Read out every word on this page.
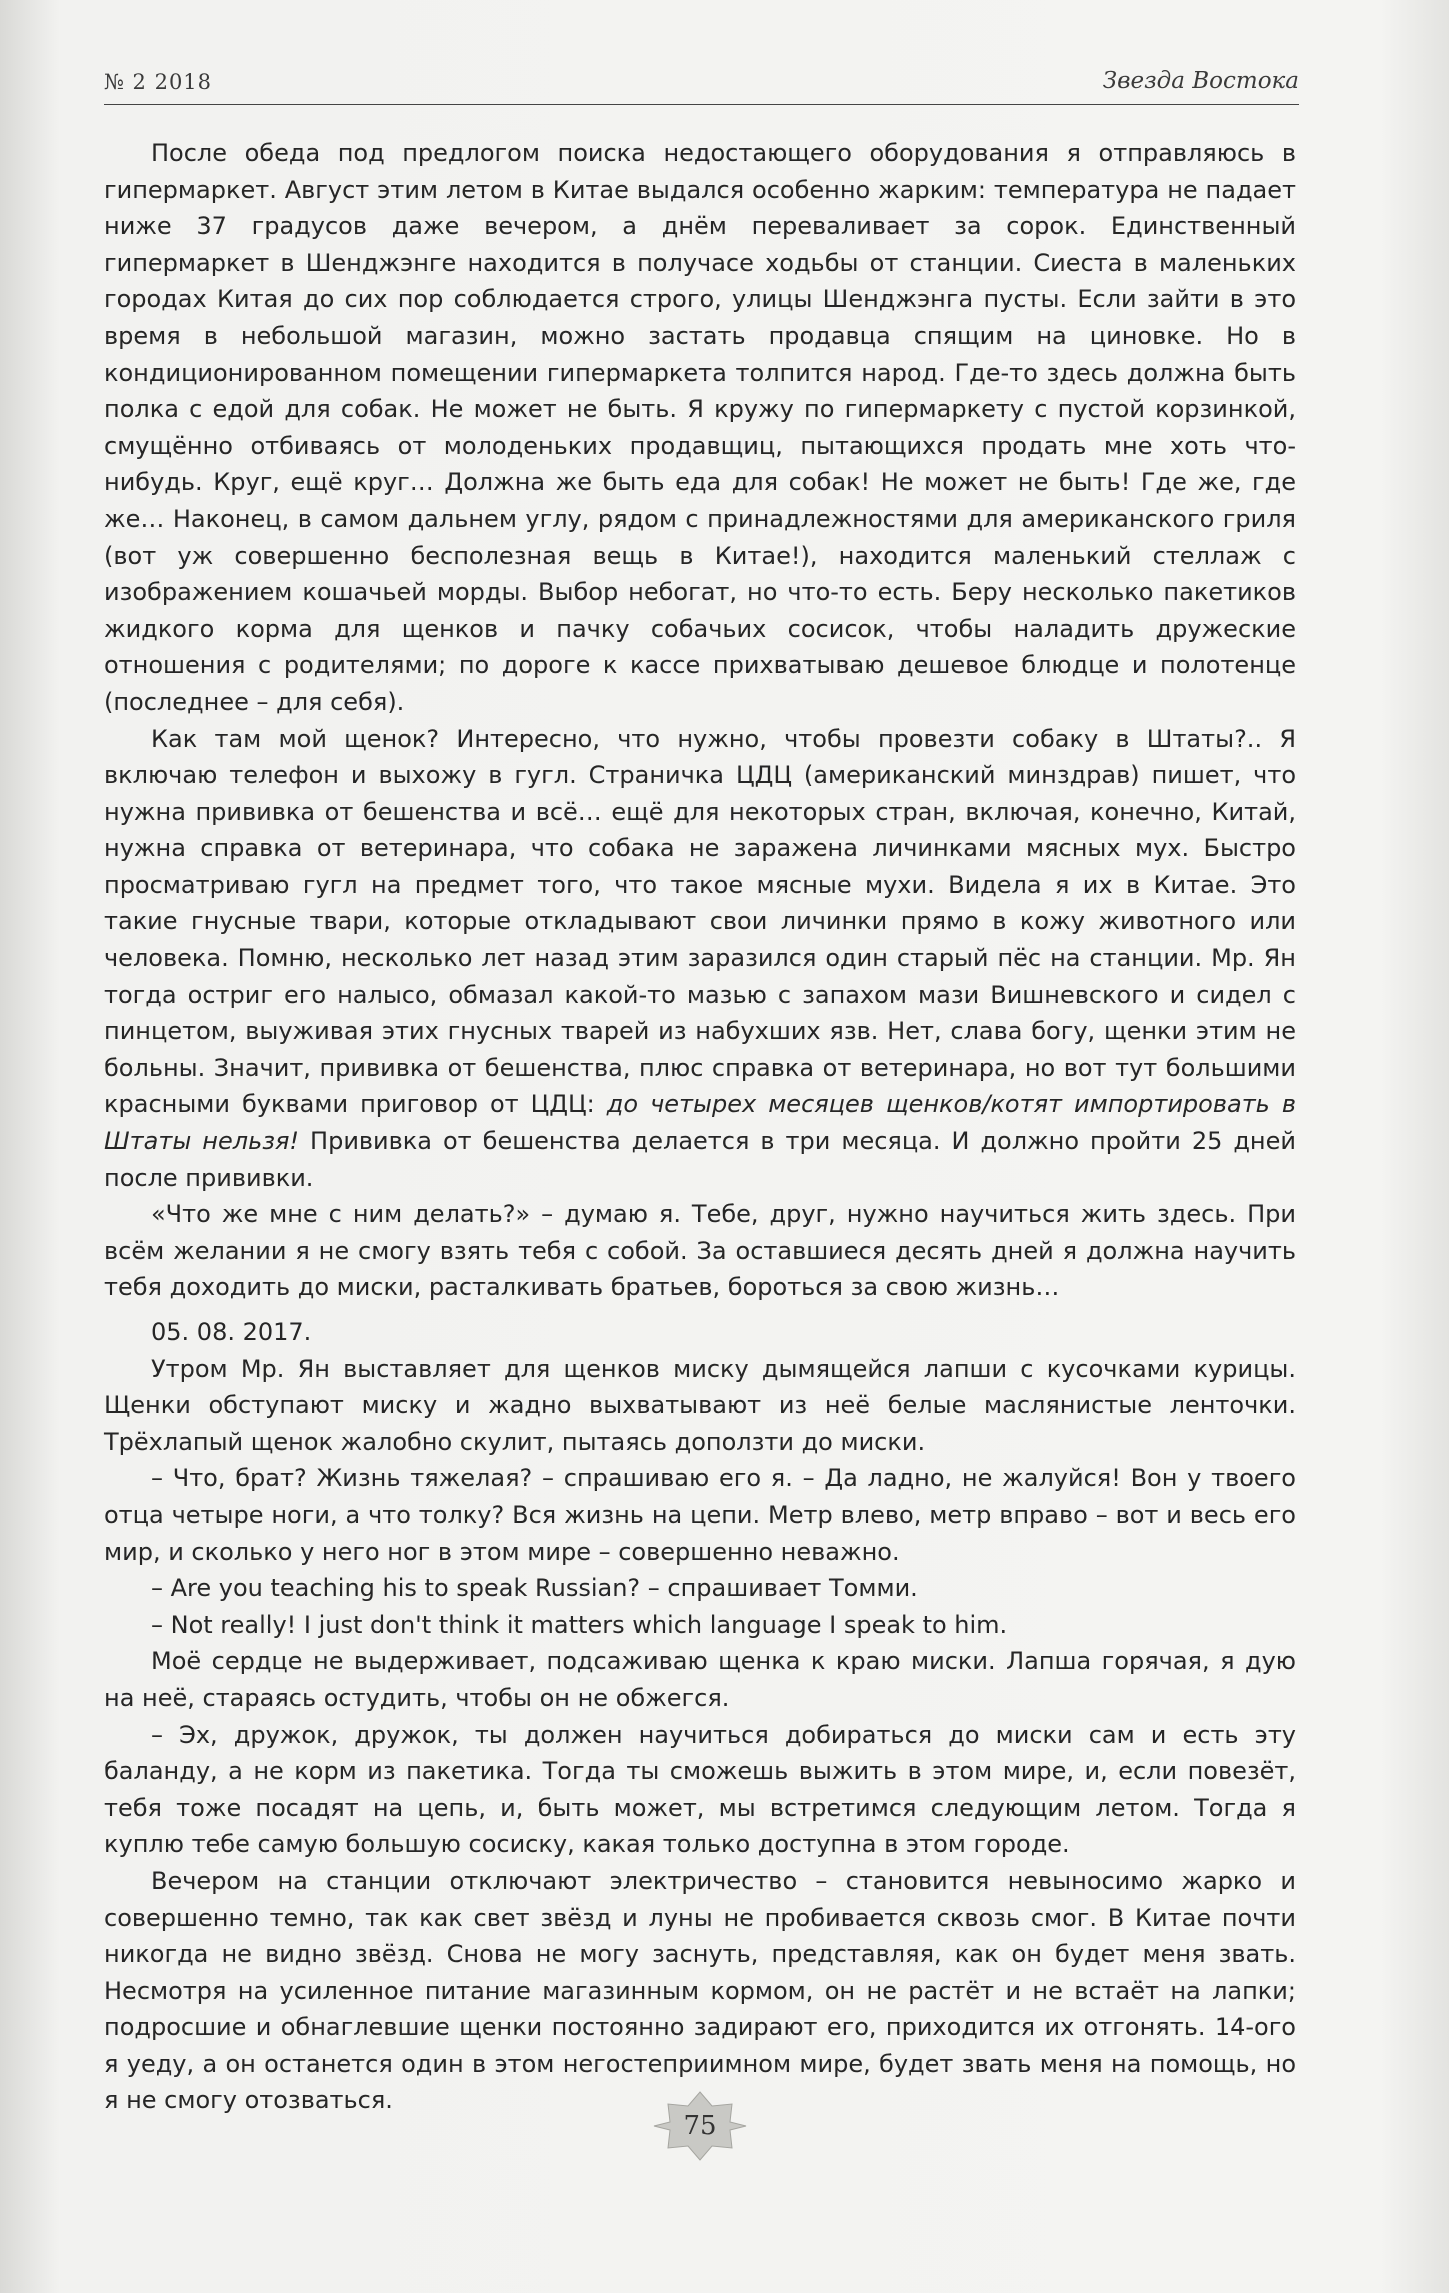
№ 2 2018	Звезда Востока

После обеда под предлогом поиска недостающего оборудования я отправляюсь в гипермаркет. Август этим летом в Китае выдался особенно жарким: температура не падает ниже 37 градусов даже вечером, а днём переваливает за сорок. Единственный гипермаркет в Шенджэнге находится в получасе ходьбы от станции. Сиеста в маленьких городах Китая до сих пор соблюдается строго, улицы Шенджэнга пусты. Если зайти в это время в небольшой магазин, можно застать продавца спящим на циновке. Но в кондиционированном помещении гипермаркета толпится народ. Где-то здесь должна быть полка с едой для собак. Не может не быть. Я кружу по гипермаркету с пустой корзинкой, смущённо отбиваясь от молоденьких продавщиц, пытающихся продать мне хоть что-нибудь. Круг, ещё круг… Должна же быть еда для собак! Не может не быть! Где же, где же… Наконец, в самом дальнем углу, рядом с принадлежностями для американского гриля (вот уж совершенно бесполезная вещь в Китае!), находится маленький стеллаж с изображением кошачьей морды. Выбор небогат, но что-то есть. Беру несколько пакетиков жидкого корма для щенков и пачку собачьих сосисок, чтобы наладить дружеские отношения с родителями; по дороге к кассе прихватываю дешевое блюдце и полотенце (последнее – для себя).

Как там мой щенок? Интересно, что нужно, чтобы провезти собаку в Штаты?.. Я включаю телефон и выхожу в гугл. Страничка ЦДЦ (американский минздрав) пишет, что нужна прививка от бешенства и всё… ещё для некоторых стран, включая, конечно, Китай, нужна справка от ветеринара, что собака не заражена личинками мясных мух. Быстро просматриваю гугл на предмет того, что такое мясные мухи. Видела я их в Китае. Это такие гнусные твари, которые откладывают свои личинки прямо в кожу животного или человека. Помню, несколько лет назад этим заразился один старый пёс на станции. Мр. Ян тогда остриг его налысо, обмазал какой-то мазью с запахом мази Вишневского и сидел с пинцетом, выуживая этих гнусных тварей из набухших язв. Нет, слава богу, щенки этим не больны. Значит, прививка от бешенства, плюс справка от ветеринара, но вот тут большими красными буквами приговор от ЦДЦ: до четырех месяцев щенков/котят импортировать в Штаты нельзя! Прививка от бешенства делается в три месяца. И должно пройти 25 дней после прививки.

«Что же мне с ним делать?» – думаю я. Тебе, друг, нужно научиться жить здесь. При всём желании я не смогу взять тебя с собой. За оставшиеся десять дней я должна научить тебя доходить до миски, расталкивать братьев, бороться за свою жизнь…

05. 08. 2017.

Утром Мр. Ян выставляет для щенков миску дымящейся лапши с кусочками курицы. Щенки обступают миску и жадно выхватывают из неё белые маслянистые ленточки. Трёхлапый щенок жалобно скулит, пытаясь доползти до миски.

– Что, брат? Жизнь тяжелая? – спрашиваю его я. – Да ладно, не жалуйся! Вон у твоего отца четыре ноги, а что толку? Вся жизнь на цепи. Метр влево, метр вправо – вот и весь его мир, и сколько у него ног в этом мире – совершенно неважно.

– Are you teaching his to speak Russian? – спрашивает Томми.

– Not really! I just don't think it matters which language I speak to him.

Моё сердце не выдерживает, подсаживаю щенка к краю миски. Лапша горячая, я дую на неё, стараясь остудить, чтобы он не обжегся.

– Эх, дружок, дружок, ты должен научиться добираться до миски сам и есть эту баланду, а не корм из пакетика. Тогда ты сможешь выжить в этом мире, и, если повезёт, тебя тоже посадят на цепь, и, быть может, мы встретимся следующим летом. Тогда я куплю тебе самую большую сосиску, какая только доступна в этом городе.

Вечером на станции отключают электричество – становится невыносимо жарко и совершенно темно, так как свет звёзд и луны не пробивается сквозь смог. В Китае почти никогда не видно звёзд. Снова не могу заснуть, представляя, как он будет меня звать. Несмотря на усиленное питание магазинным кормом, он не растёт и не встаёт на лапки; подросшие и обнаглевшие щенки постоянно задирают его, приходится их отгонять. 14-ого я уеду, а он останется один в этом негостеприимном мире, будет звать меня на помощь, но я не смогу отозваться.

75
